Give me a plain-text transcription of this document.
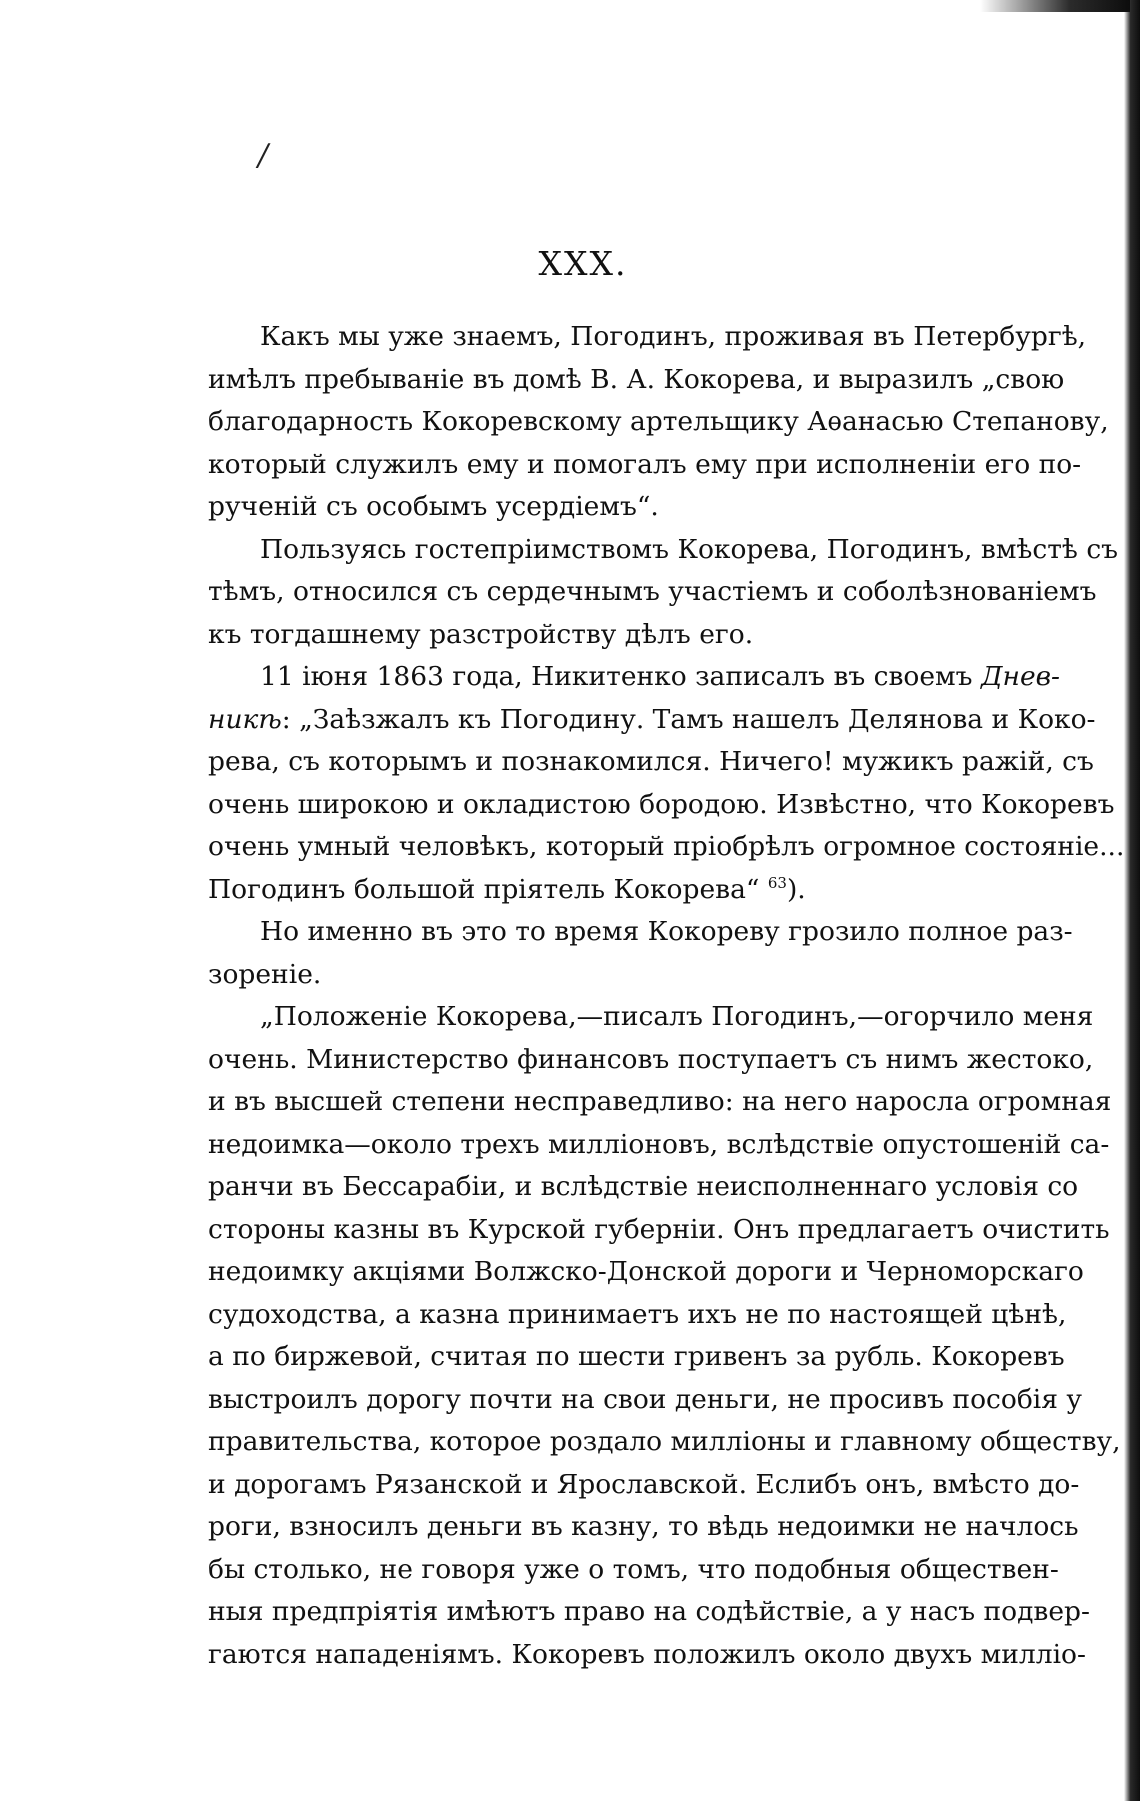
/
XXX.
Какъ мы уже знаемъ, Погодинъ, проживая въ Петербургѣ,
имѣлъ пребываніе въ домѣ В. А. Кокорева, и выразилъ „свою
благодарность Кокоревскому артельщику Аѳанасью Степанову,
который служилъ ему и помогалъ ему при исполненіи его по-
рученій съ особымъ усердіемъ“.
Пользуясь гостепріимствомъ Кокорева, Погодинъ, вмѣстѣ съ
тѣмъ, относился съ сердечнымъ участіемъ и соболѣзнованіемъ
къ тогдашнему разстройству дѣлъ его.
11 іюня 1863 года, Никитенко записалъ въ своемъ Днев-
никѣ: „Заѣзжалъ къ Погодину. Тамъ нашелъ Делянова и Коко-
рева, съ которымъ и познакомился. Ничего! мужикъ ражій, съ
очень широкою и окладистою бородою. Извѣстно, что Кокоревъ
очень умный человѣкъ, который пріобрѣлъ огромное состояніе...
Погодинъ большой пріятель Кокорева“ $^{63}$).
Но именно въ это то время Кокореву грозило полное раз-
зореніе.
„Положеніе Кокорева,—писалъ Погодинъ,—огорчило меня
очень. Министерство финансовъ поступаетъ съ нимъ жестоко,
и въ высшей степени несправедливо: на него наросла огромная
недоимка—около трехъ милліоновъ, вслѣдствіе опустошеній са-
ранчи въ Бессарабіи, и вслѣдствіе неисполненнаго условія со
стороны казны въ Курской губерніи. Онъ предлагаетъ очистить
недоимку акціями Волжско-Донской дороги и Черноморскаго
судоходства, а казна принимаетъ ихъ не по настоящей цѣнѣ,
а по биржевой, считая по шести гривенъ за рубль. Кокоревъ
выстроилъ дорогу почти на свои деньги, не просивъ пособія у
правительства, которое роздало милліоны и главному обществу,
и дорогамъ Рязанской и Ярославской. Еслибъ онъ, вмѣсто до-
роги, взносилъ деньги въ казну, то вѣдь недоимки не начлось
бы столько, не говоря уже о томъ, что подобныя обществен-
ныя предпріятія имѣютъ право на содѣйствіе, а у насъ подвер-
гаются нападеніямъ. Кокоревъ положилъ около двухъ милліо-
